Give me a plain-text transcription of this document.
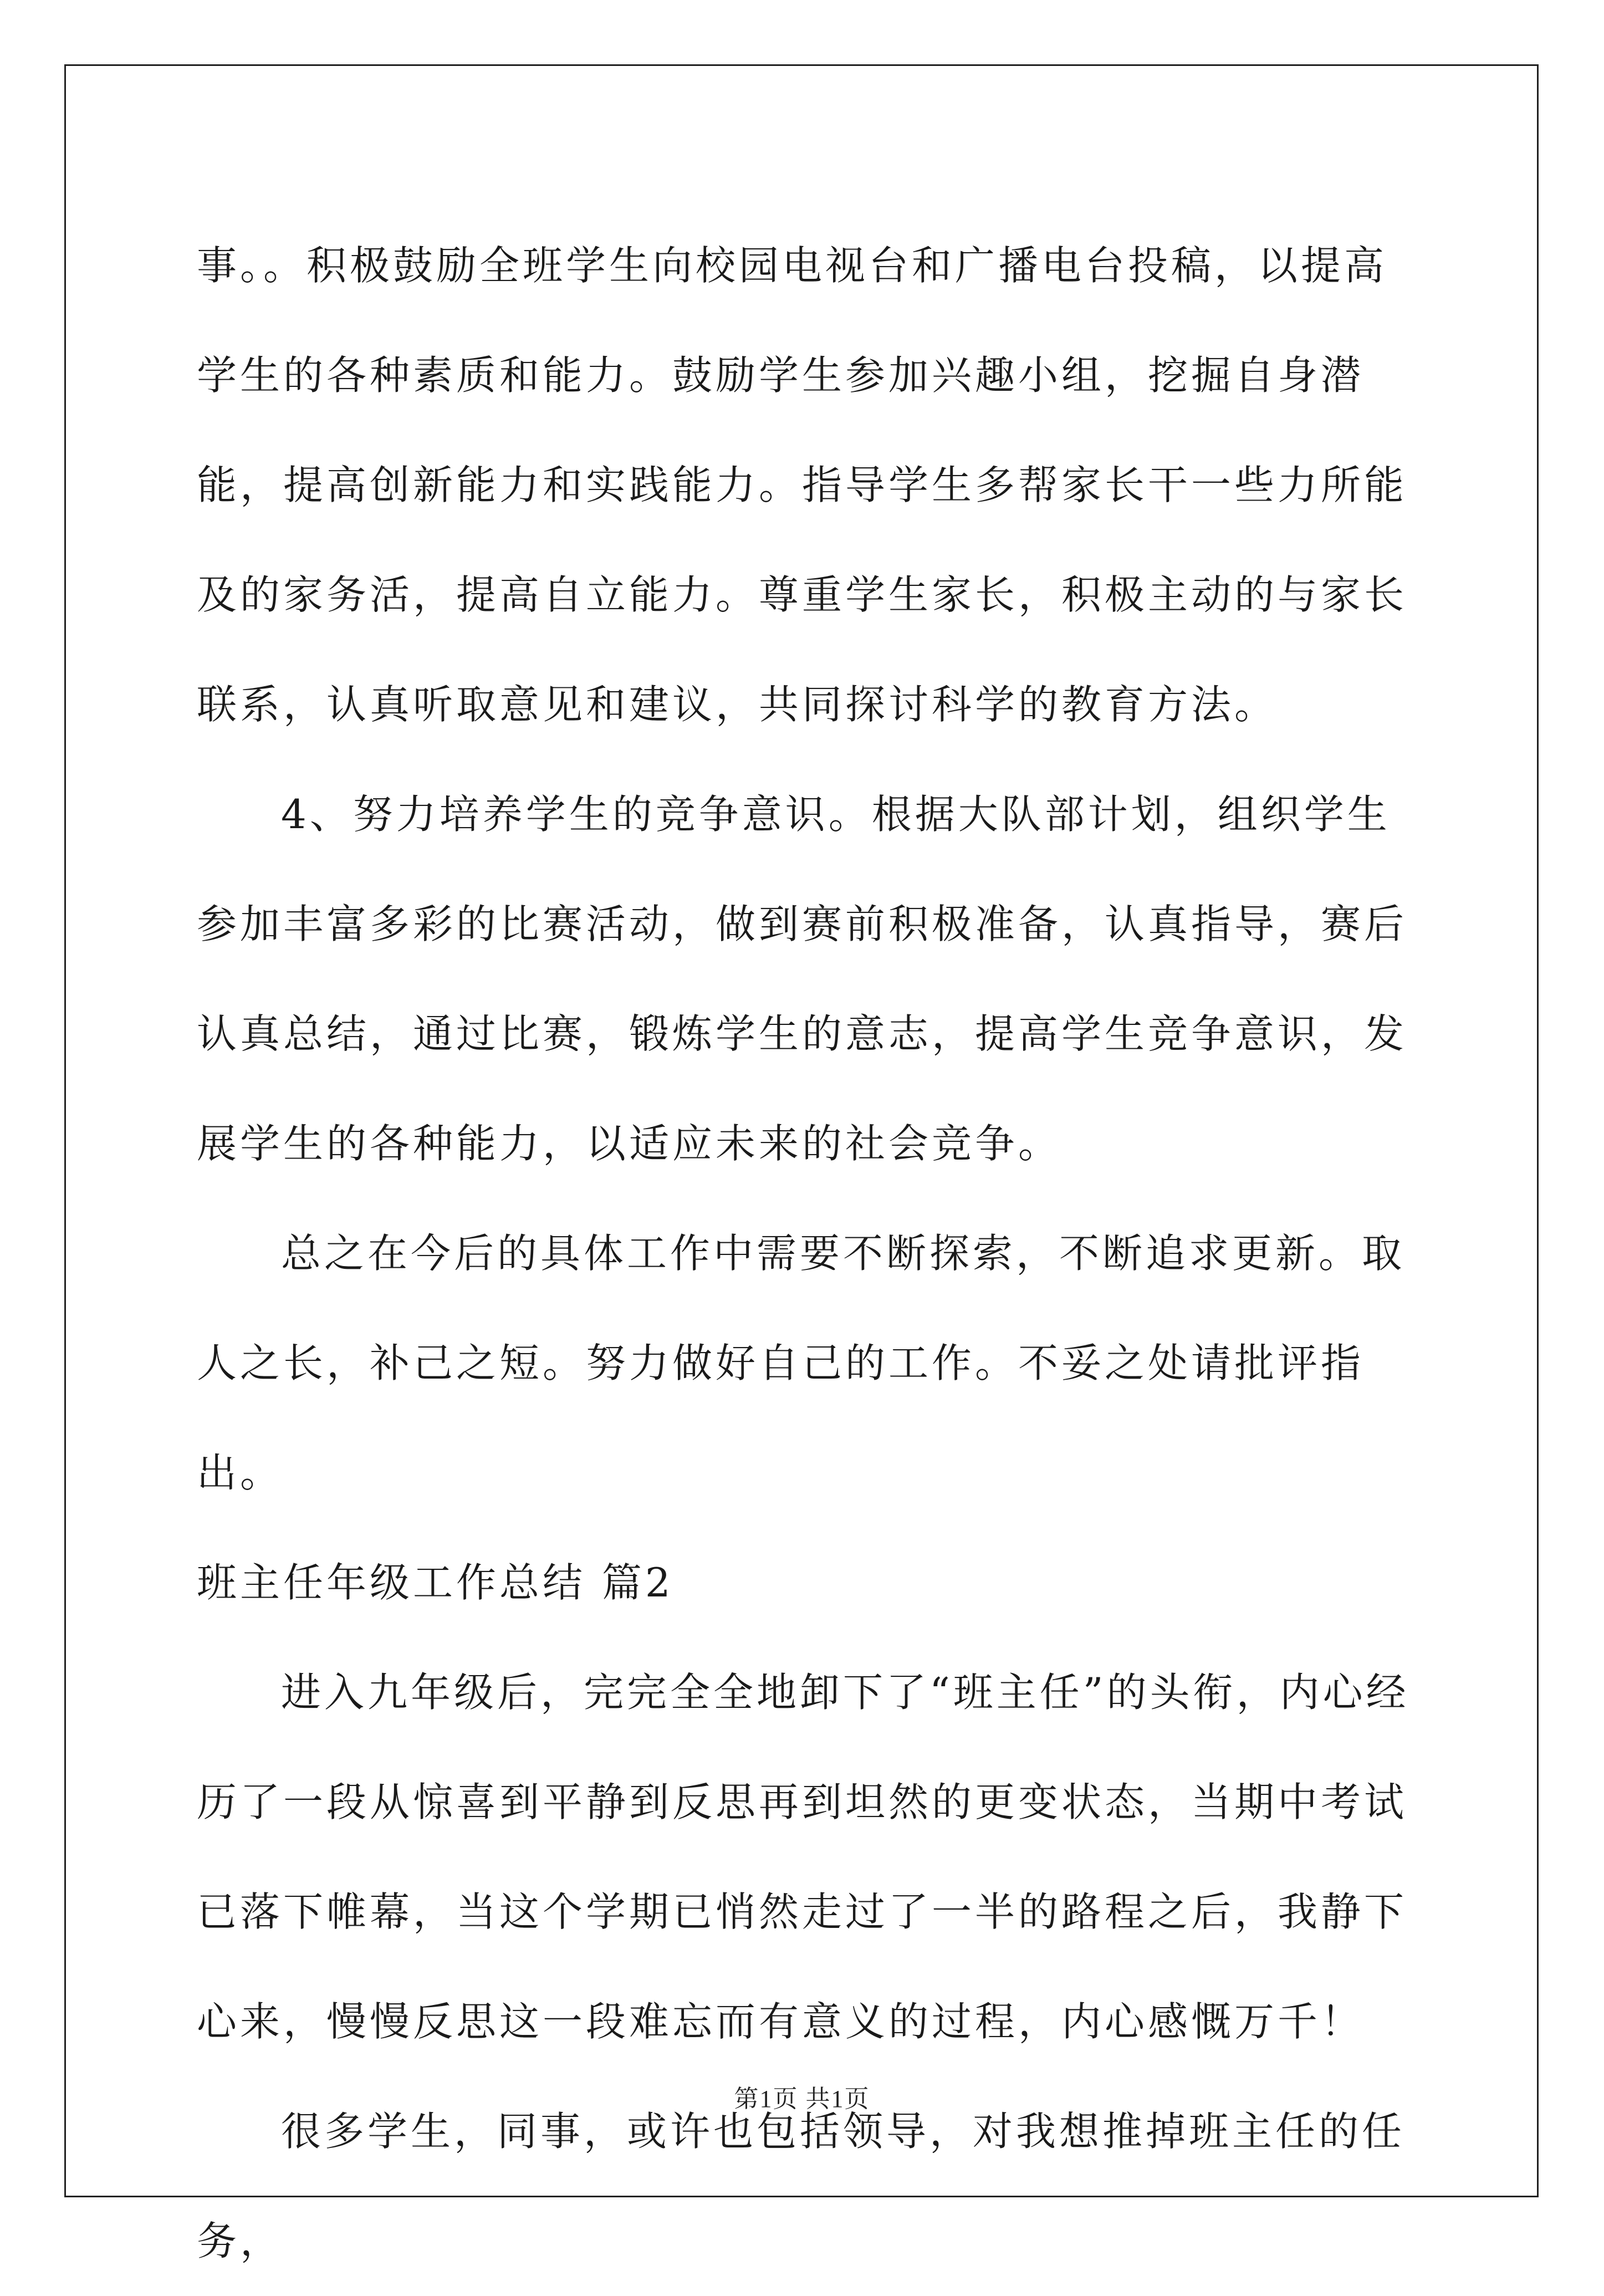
事。。积极鼓励全班学生向校园电视台和广播电台投稿，以提高学生的各种素质和能力。鼓励学生参加兴趣小组，挖掘自身潜能，提高创新能力和实践能力。指导学生多帮家长干一些力所能及的家务活，提高自立能力。尊重学生家长，积极主动的与家长联系，认真听取意见和建议，共同探讨科学的教育方法。

4、努力培养学生的竞争意识。根据大队部计划，组织学生参加丰富多彩的比赛活动，做到赛前积极准备，认真指导，赛后认真总结，通过比赛，锻炼学生的意志，提高学生竞争意识，发展学生的各种能力，以适应未来的社会竞争。

总之在今后的具体工作中需要不断探索，不断追求更新。取人之长，补己之短。努力做好自己的工作。不妥之处请批评指出。

班主任年级工作总结 篇2

进入九年级后，完完全全地卸下了“班主任”的头衔，内心经历了一段从惊喜到平静到反思再到坦然的更变状态，当期中考试已落下帷幕，当这个学期已悄然走过了一半的路程之后，我静下心来，慢慢反思这一段难忘而有意义的过程，内心感慨万千！

很多学生，同事，或许也包括领导，对我想推掉班主任的任务，

第1页 共1页
